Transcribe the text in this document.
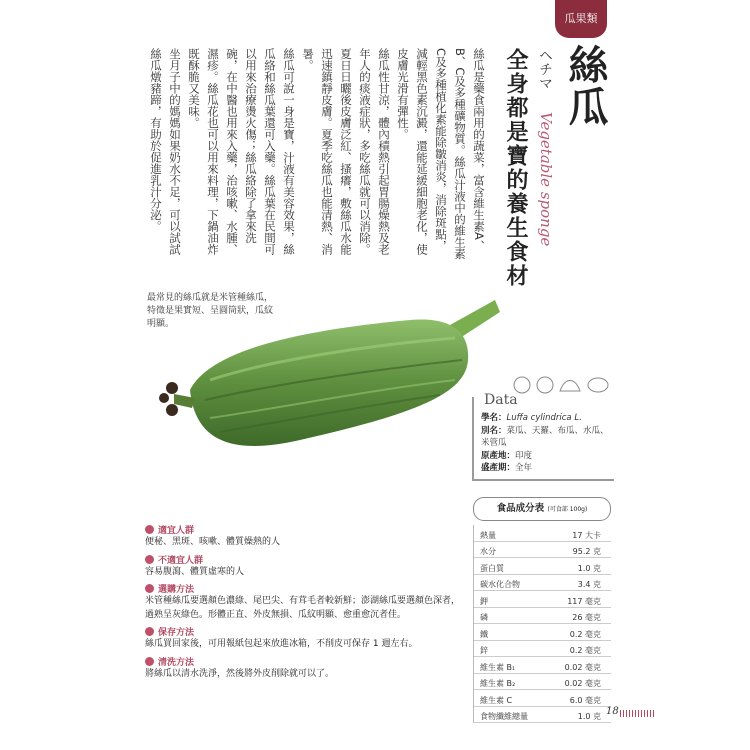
瓜果類
絲瓜
ヘチマ
Vegetable sponge
全身都是寶的養生食材

絲瓜是藥食兩用的蔬菜，富含維生素A、B、C及多種礦物質。絲瓜汁液中的維生素C及多種植化素能除皺消炎，消除斑點，減輕黑色素沉澱，還能延緩細胞老化，使皮膚光滑有彈性。

絲瓜性甘涼，體內積熱引起胃腸燥熱及老年人的痰液症狀，多吃絲瓜就可以消除。夏日日曬後皮膚泛紅、搔癢，敷絲瓜水能迅速鎮靜皮膚。夏季吃絲瓜也能清熱、消暑。

絲瓜可說一身是寶，汁液有美容效果，絲瓜絡和絲瓜葉還可入藥。絲瓜葉在民間可以用來治療燙火傷；絲瓜絡除了拿來洗碗，在中醫也用來入藥，治咳嗽、水腫、濕疹。絲瓜花也可以用來料理，下鍋油炸既酥脆又美味。

坐月子中的媽媽如果奶水不足，可以試試絲瓜燉豬蹄，有助於促進乳汁分泌。

最常見的絲瓜就是米管種絲瓜，特徵是果實短、呈圓筒狀，瓜紋明顯。
Data
學名：Luffa cylindrica L.
別名：菜瓜、天羅、布瓜、水瓜、米管瓜
原產地：印度
盛產期：全年
食品成分表 (可食部 100g)
熱量	17 大卡
水分	95.2 克
蛋白質	1.0 克
碳水化合物	3.4 克
鉀	117 毫克
磷	26 毫克
鐵	0.2 毫克
鋅	0.2 毫克
維生素 B₁	0.02 毫克
維生素 B₂	0.02 毫克
維生素 C	6.0 毫克
食物纖維總量	1.0 克
適宜人群
便秘、黑斑、咳嗽、體質燥熱的人
不適宜人群
容易腹瀉、體質虛寒的人
選購方法
米管種絲瓜要選顏色濃綠、尾巴尖、有茸毛者較新鮮；澎湖絲瓜要選顏色深者，過熟呈灰綠色。形體正直、外皮無損、瓜紋明顯、愈重愈沉者佳。
保存方法
絲瓜買回家後，可用報紙包起來放進冰箱，不削皮可保存 1 週左右。
清洗方法
將絲瓜以清水洗淨，然後將外皮削除就可以了。
18
